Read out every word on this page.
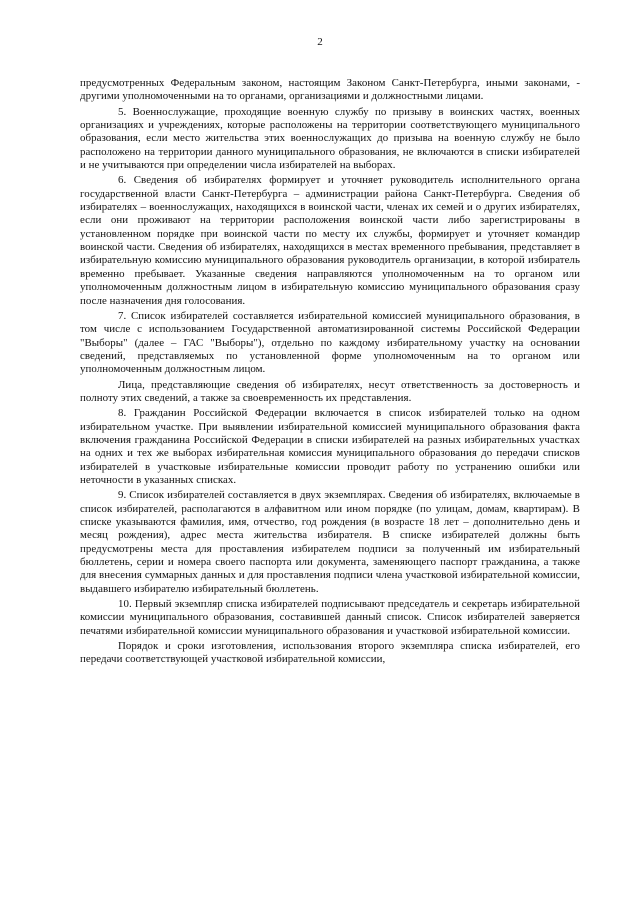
2

предусмотренных Федеральным законом, настоящим Законом Санкт-Петербурга, иными законами, - другими уполномоченными на то органами, организациями и должностными лицами.

5. Военнослужащие, проходящие военную службу по призыву в воинских частях, военных организациях и учреждениях, которые расположены на территории соответствующего муниципального образования, если место жительства этих военнослужащих до призыва на военную службу не было расположено на территории данного муниципального образования, не включаются в списки избирателей и не учитываются при определении числа избирателей на выборах.

6. Сведения об избирателях формирует и уточняет руководитель исполнительного органа государственной власти Санкт-Петербурга – администрации района Санкт-Петербурга. Сведения об избирателях – военнослужащих, находящихся в воинской части, членах их семей и о других избирателях, если они проживают на территории расположения воинской части либо зарегистрированы в установленном порядке при воинской части по месту их службы, формирует и уточняет командир воинской части. Сведения об избирателях, находящихся в местах временного пребывания, представляет в избирательную комиссию муниципального образования руководитель организации, в которой избиратель временно пребывает. Указанные сведения направляются уполномоченным на то органом или уполномоченным должностным лицом в избирательную комиссию муниципального образования сразу после назначения дня голосования.

7. Список избирателей составляется избирательной комиссией муниципального образования, в том числе с использованием Государственной автоматизированной системы Российской Федерации "Выборы" (далее – ГАС "Выборы"), отдельно по каждому избирательному участку на основании сведений, представляемых по установленной форме уполномоченным на то органом или уполномоченным должностным лицом.

Лица, представляющие сведения об избирателях, несут ответственность за достоверность и полноту этих сведений, а также за своевременность их представления.

8. Гражданин Российской Федерации включается в список избирателей только на одном избирательном участке. При выявлении избирательной комиссией муниципального образования факта включения гражданина Российской Федерации в списки избирателей на разных избирательных участках на одних и тех же выборах избирательная комиссия муниципального образования до передачи списков избирателей в участковые избирательные комиссии проводит работу по устранению ошибки или неточности в указанных списках.

9. Список избирателей составляется в двух экземплярах. Сведения об избирателях, включаемые в список избирателей, располагаются в алфавитном или ином порядке (по улицам, домам, квартирам). В списке указываются фамилия, имя, отчество, год рождения (в возрасте 18 лет – дополнительно день и месяц рождения), адрес места жительства избирателя. В списке избирателей должны быть предусмотрены места для проставления избирателем подписи за полученный им избирательный бюллетень, серии и номера своего паспорта или документа, заменяющего паспорт гражданина, а также для внесения суммарных данных и для проставления подписи члена участковой избирательной комиссии, выдавшего избирателю избирательный бюллетень.

10. Первый экземпляр списка избирателей подписывают председатель и секретарь избирательной комиссии муниципального образования, составившей данный список. Список избирателей заверяется печатями избирательной комиссии муниципального образования и участковой избирательной комиссии.

Порядок и сроки изготовления, использования второго экземпляра списка избирателей, его передачи соответствующей участковой избирательной комиссии,
